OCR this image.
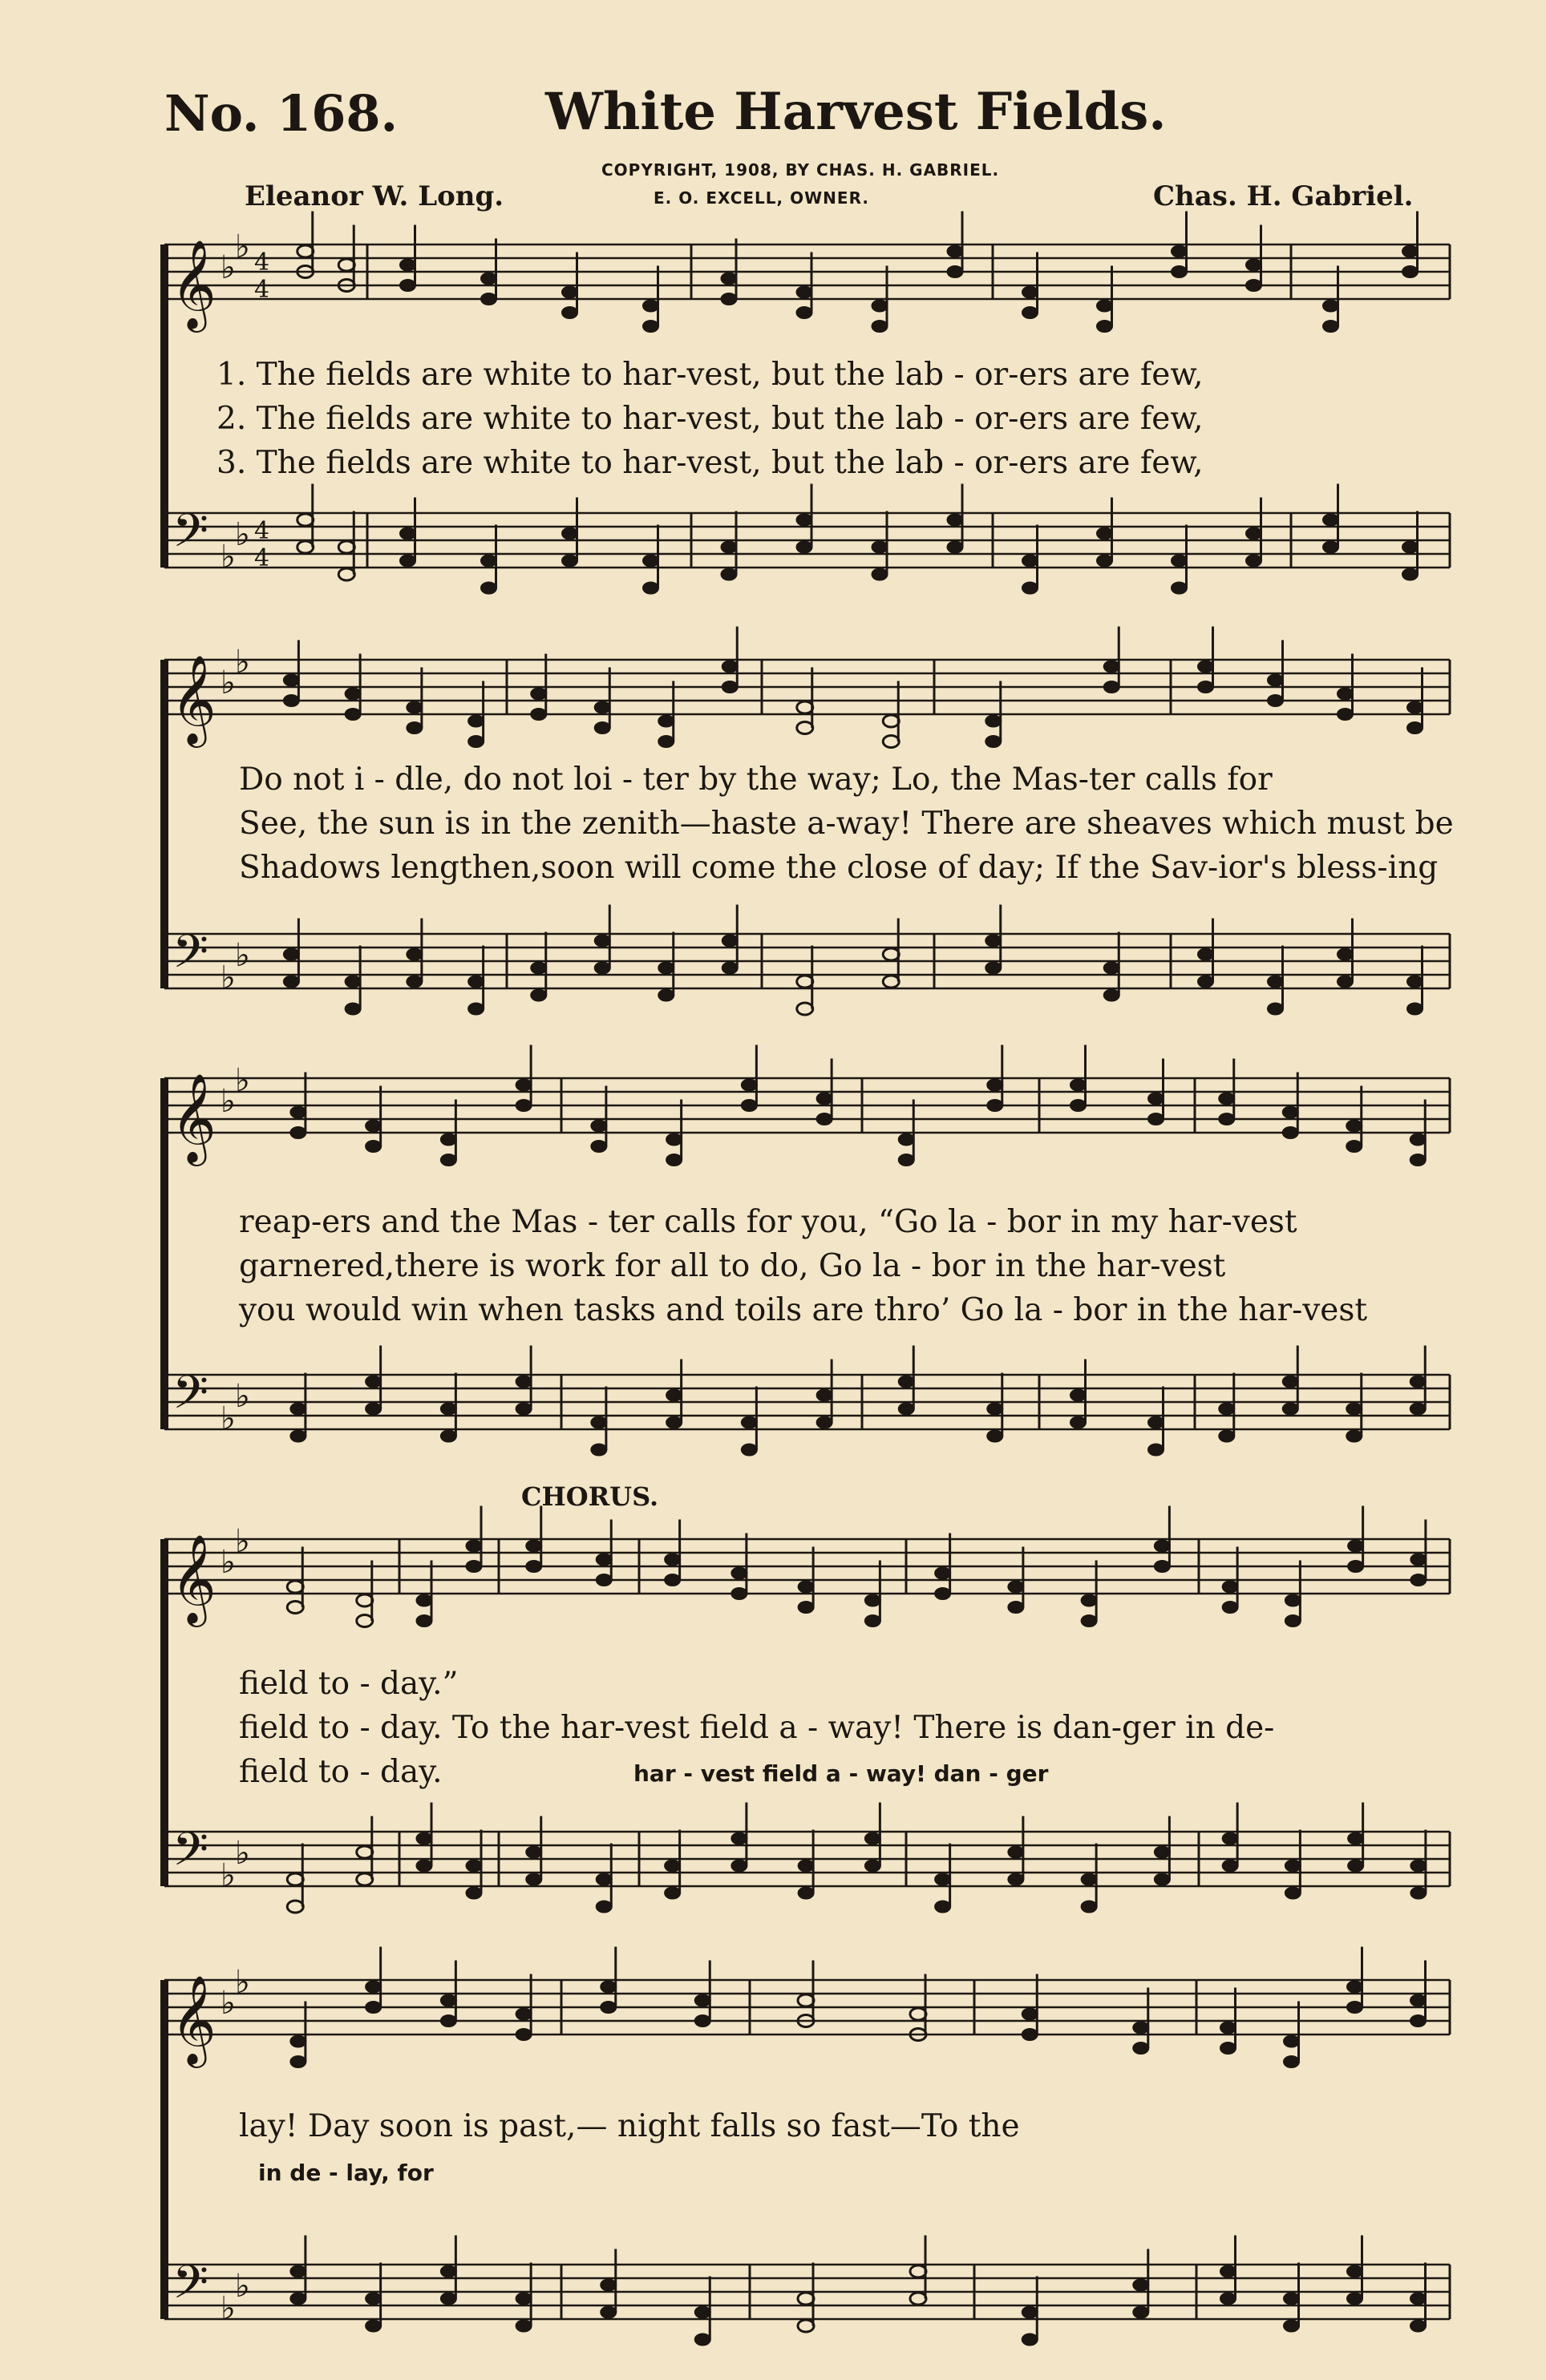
No. 168.	White Harvest Fields.
COPYRIGHT, 1908, BY CHAS. H. GABRIEL.
E. O. EXCELL, OWNER.
Eleanor W. Long.	Chas. H. Gabriel.
1. The fields are white to har-vest, but the lab - or-ers are few,
2. The fields are white to har-vest, but the lab - or-ers are few,
3. The fields are white to har-vest, but the lab - or-ers are few,
Do not i - dle, do not loi - ter by the way; Lo, the Mas-ter calls for
See, the sun is in the zenith—haste a-way! There are sheaves which must be
Shadows lengthen,soon will come the close of day; If the Sav-ior's bless-ing
reap-ers and the Mas - ter calls for you, “Go la - bor in my har-vest
garnered,there is work for all to do, Go la - bor in the har-vest
you would win when tasks and toils are thro’ Go la - bor in the har-vest
CHORUS.
field to - day.”
field to - day. To the har-vest field a - way! There is dan-ger in de-
field to - day.	har - vest field a - way! dan - ger
lay! Day soon is past,— night falls so fast—To the
in de - lay, for
𝄞
𝄢
♭
♭
♭
♭
4
4
4
4
𝄞
𝄢
♭
♭
♭
♭
𝄞
𝄢
♭
♭
♭
♭
𝄞
𝄢
♭
♭
♭
♭
𝄞
𝄢
♭
♭
♭
♭
